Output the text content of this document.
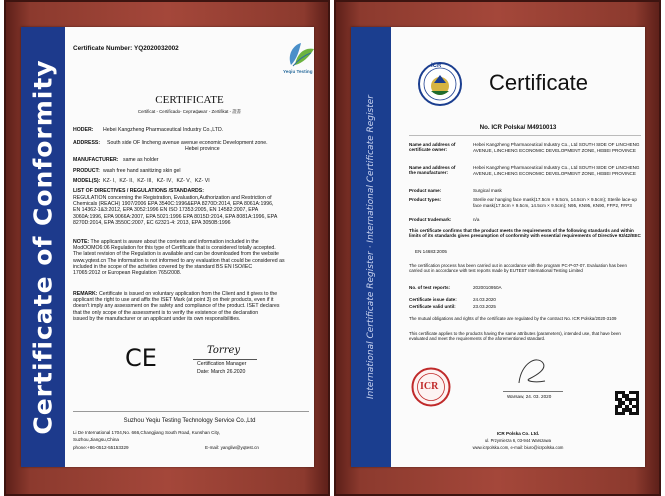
Certificate of Conformity
Certificate Number: YQ2020032002
Yeqiu Testing
CERTIFICATE
Certificat - Certificado- Сертификат - Zertifikat - 證書
HODER: Hebei Kangzheng Pharmaceutical Industry Co.,LTD.
ADDRESS: South side OF lincheng avenue avenue economic Development zone.
Hebei province
MANUFACTURER: same as holder
PRODUCT: wash free hand sanitizing skin gel
MODEL(S): KZ- I、KZ- II、KZ- III、KZ- IV、KZ- V、KZ- VI
LIST OF DIRECTIVES / REGULATIONS /STANDARDS:
REGULATION concerning the Registration, Evaluation,Authorization and Restriction of
Chemicals (REACH) 1907/2006 EPA 3540C:1996&EPA 8270D:2014, EPA 8061A:1996,
EN 14362-1&3:2012, EPA 3052:1996 EN ISO 17353:2005, EN 14582:2007, EPA
3060A:1996, EPA 9066A:2007, EPA 5021:1996 EPA 8015D:2014, EPA 8081A:1996, EPA
8270D:2014, EPA 3550C:2007, EC 62321-4: 2013, EPA 3050B:1996
NOTE: The applicant is aware about the contents and information included in the
ModOOMO6:06 Regulation for this type of Certificate that is considered totally accepted.
The latest revision of the Regulation is available and can be downloaded from the website
www.yqtest.cn The information is not informed to any evaluation that could be considered as
included in the scope of the activities covered by the standard BS EN ISO/IEC
17065:2012 or European Regulation 765/2008.
REMARK: Certificate is issued on voluntary application from the Client and it gives to the
applicant the right to use and affix the ISET Mark (at point 3) on their products, even if it
doesn't imply any assessment on the safety and compliance of the product. ISET declares
that the only scope of the assessment is to verify the existence of the declaration
issued by the manufacturer or an applicant under its own responsibilities.
CE	Torrey
Certification Manager
Date: March 26.2020
Suzhou Yeqiu Testing Technology Service Co.,Ltd
Li De International 1704,No. 666,Changjiang South Road, Kunshan City,
Suzhou,Jiangsu,China
phone:+86-0512-55153329	E-mail: yangliw@yqtest.cn
International Certificate Register · International Certificate Register
ICR
Certificate
No. ICR Polska/ M4910013
Name and address of certificate owner:
Hebei Kangzheng Pharmaceutical Industry Co., Ltd SOUTH SIDE OF LINCHENG AVENUE, LINCHENG ECONOMIC DEVELOPMENT ZONE, HEBEI PROVINCE
Name and address of the manufacturer:
Hebei Kangzheng Pharmaceutical Industry Co., Ltd SOUTH SIDE OF LINCHENG AVENUE, LINCHENG ECONOMIC DEVELOPMENT ZONE, HEBEI PROVINCE
Product name:	Surgical mask
Product types:	Sterile ear hanging face mask(17.5cm × 9.5cm, 14.5cm × 9.5cm); Sterile lace-up face mask(17.5cm × 9.5cm, 14.5cm × 9.5cm); N95, KN95, KN90, FFP2, FFP3
Product trademark:	n/a
This certificate confirms that the product meets the requirements of the following standards and within limits of its standards gives presumption of conformity with essential requirements of Directive 93/42/EEC
EN 14683:2005
The certification process has been carried out in accordance with the program PC-P-07-07. Evaluation has been carried out in accordance with test reports made by EUTEST International Testing Limited
No. of test reports:	2020010950A
Certificate issue date:	24.03.2020
Certificate valid until:	23.03.2025
The mutual obligations and rights of the certificate are regulated by the contract No. ICR Polska/2020-3109
This certificate applies to the products having the same attributes (parameters), intended use, that have been evaluated and meet the requirements of the aforementioned standard.
Warsaw, 24. 03. 2020
ICR
ICR Polska Co. Ltd.
ul. Przymierza 6, 03-944 Warszawa
www.icrpolska.com, e-mail: biuro@icrpolska.com
